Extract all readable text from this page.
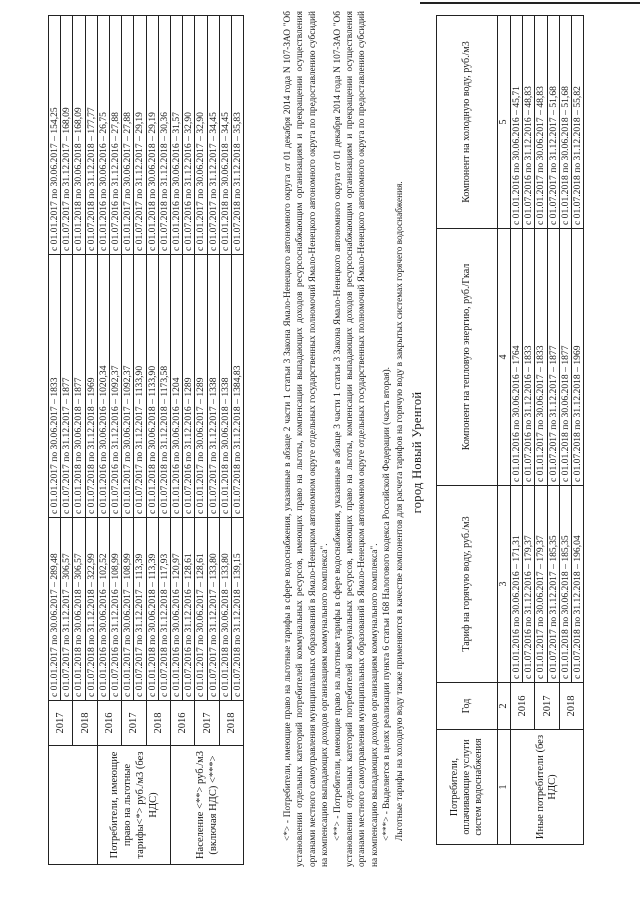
	2017	с 01.01.2017 по 30.06.2017 – 289,48	с 01.01.2017 по 30.06.2017 – 1833	с 01.01.2017 по 30.06.2017 – 154,25
		с 01.07.2017 по 31.12.2017 – 306,57	с 01.07.2017 по 31.12.2017 – 1877	с 01.07.2017 по 31.12.2017 – 168,09
	2018	с 01.01.2018 по 30.06.2018 – 306,57	с 01.01.2018 по 30.06.2018 – 1877	с 01.01.2018 по 30.06.2018 – 168,09
		с 01.07.2018 по 31.12.2018 – 322,99	с 01.07.2018 по 31.12.2018 – 1969	с 01.07.2018 по 31.12.2018 – 177,77
Потребители, имеющие право на льготные тарифы<*> руб./м3 (без НДС)	2016	с 01.01.2016 по 30.06.2016 – 102,52	с 01.01.2016 по 30.06.2016 – 1020,34	с 01.01.2016 по 30.06.2016 – 26,75
		с 01.07.2016 по 31.12.2016 – 108,99	с 01.07.2016 по 31.12.2016 – 1092,37	с 01.07.2016 по 31.12.2016 – 27,88
	2017	с 01.01.2017 по 30.06.2017 – 108,99	с 01.01.2017 по 30.06.2017 – 1092,37	с 01.01.2017 по 30.06.2017 – 27,88
		с 01.07.2017 по 31.12.2017 – 113,39	с 01.07.2017 по 31.12.2017 – 1133,90	с 01.07.2017 по 31.12.2017 – 29,19
	2018	с 01.01.2018 по 30.06.2018 – 113,39	с 01.01.2018 по 30.06.2018 – 1133,90	с 01.01.2018 по 30.06.2018 – 29,19
		с 01.07.2018 по 31.12.2018 – 117,93	с 01.07.2018 по 31.12.2018 – 1173,58	с 01.07.2018 по 31.12.2018 – 30,36
Население <**> руб./м3 (включая НДС) <***>	2016	с 01.01.2016 по 30.06.2016 – 120,97	с 01.01.2016 по 30.06.2016 – 1204	с 01.01.2016 по 30.06.2016 – 31,57
		с 01.07.2016 по 31.12.2016 – 128,61	с 01.07.2016 по 31.12.2016 – 1289	с 01.07.2016 по 31.12.2016 – 32,90
	2017	с 01.01.2017 по 30.06.2017 – 128,61	с 01.01.2017 по 30.06.2017 – 1289	с 01.01.2017 по 30.06.2017 – 32,90
		с 01.07.2017 по 31.12.2017 – 133,80	с 01.07.2017 по 31.12.2017 – 1338	с 01.07.2017 по 31.12.2017 – 34,45
	2018	с 01.01.2018 по 30.06.2018 – 133,80	с 01.01.2018 по 30.06.2018 – 1338	с 01.01.2018 по 30.06.2018 – 34,45
		с 01.07.2018 по 31.12.2018 – 139,15	с 01.07.2018 по 31.12.2018 – 1384,83	с 01.07.2018 по 31.12.2018 – 35,83	<*> - Потребители, имеющие право на льготные тарифы в сфере водоснабжения, указанные в абзаце 2 части 1 статьи 3 Закона Ямало-Ненецкого автономного округа от 01 декабря 2014 года N 107-ЗАО "Об установлении отдельных категорий потребителей коммунальных ресурсов, имеющих право на льготы, компенсации выпадающих доходов ресурсоснабжающим организациям и прекращении осуществления органами местного самоуправления муниципальных образований в Ямало-Ненецком автономном округе отдельных государственных полномочий Ямало-Ненецкого автономного округа по предоставлению субсидий на компенсацию выпадающих доходов организациям коммунального комплекса". <**> - Потребители, имеющие право на льготные тарифы в сфере водоснабжения, указанные в абзаце 3 части 1 статьи 3 Закона Ямало-Ненецкого автономного округа от 01 декабря 2014 года N 107-ЗАО "Об установлении отдельных категорий потребителей коммунальных ресурсов, имеющих право на льготы, компенсации выпадающих доходов ресурсоснабжающим организациям и прекращении осуществления органами местного самоуправления муниципальных образований в Ямало-Ненецком автономном округе отдельных государственных полномочий Ямало-Ненецкого автономного округа по предоставлению субсидий на компенсацию выпадающих доходов организациям коммунального комплекса". <***> - Выделяется в целях реализации пункта 6 статьи 168 Налогового кодекса Российской Федерации (часть вторая). Льготные тарифы на холодную воду также применяются в качестве компонентов для расчета тарифов на горячую воду в закрытых системах горячего водоснабжения. город Новый Уренгой
Потребители, оплачивающие услуги систем водоснабжения	Год	Тариф на горячую воду, руб./м3	Компонент на тепловую энергию, руб./Гкал	Компонент на холодную воду, руб./м3
1	2	3	4	5
Иные потребители (без НДС)	2016	с 01.01.2016 по 30.06.2016 – 171,31	с 01.01.2016 по 30.06.2016 – 1764	с 01.01.2016 по 30.06.2016 – 45,71
		с 01.07.2016 по 31.12.2016 – 179,37	с 01.07.2016 по 31.12.2016 – 1833	с 01.07.2016 по 31.12.2016 – 48,83
	2017	с 01.01.2017 по 30.06.2017 – 179,37	с 01.01.2017 по 30.06.2017 – 1833	с 01.01.2017 по 30.06.2017 – 48,83
		с 01.07.2017 по 31.12.2017 – 185,35	с 01.07.2017 по 31.12.2017 – 1877	с 01.07.2017 по 31.12.2017 – 51,68
	2018	с 01.01.2018 по 30.06.2018 – 185,35	с 01.01.2018 по 30.06.2018 – 1877	с 01.01.2018 по 30.06.2018 – 51,68
		с 01.07.2018 по 31.12.2018 – 196,04	с 01.07.2018 по 31.12.2018 – 1969	с 01.07.2018 по 31.12.2018 – 55,82
